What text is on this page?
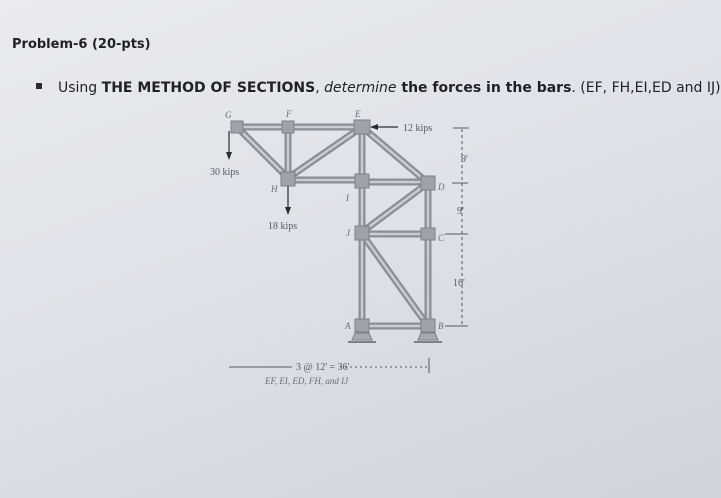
Problem-6 (20-pts)
Using THE METHOD OF SECTIONS, determine the forces in the bars. (EF, FH,EI,ED and IJ)
G	F	E
H
I
J
D
C
A	B
12 kips
30 kips
18 kips
9'
9'
16'
3 @ 12' = 36'
EF, EI, ED, FH, and IJ
